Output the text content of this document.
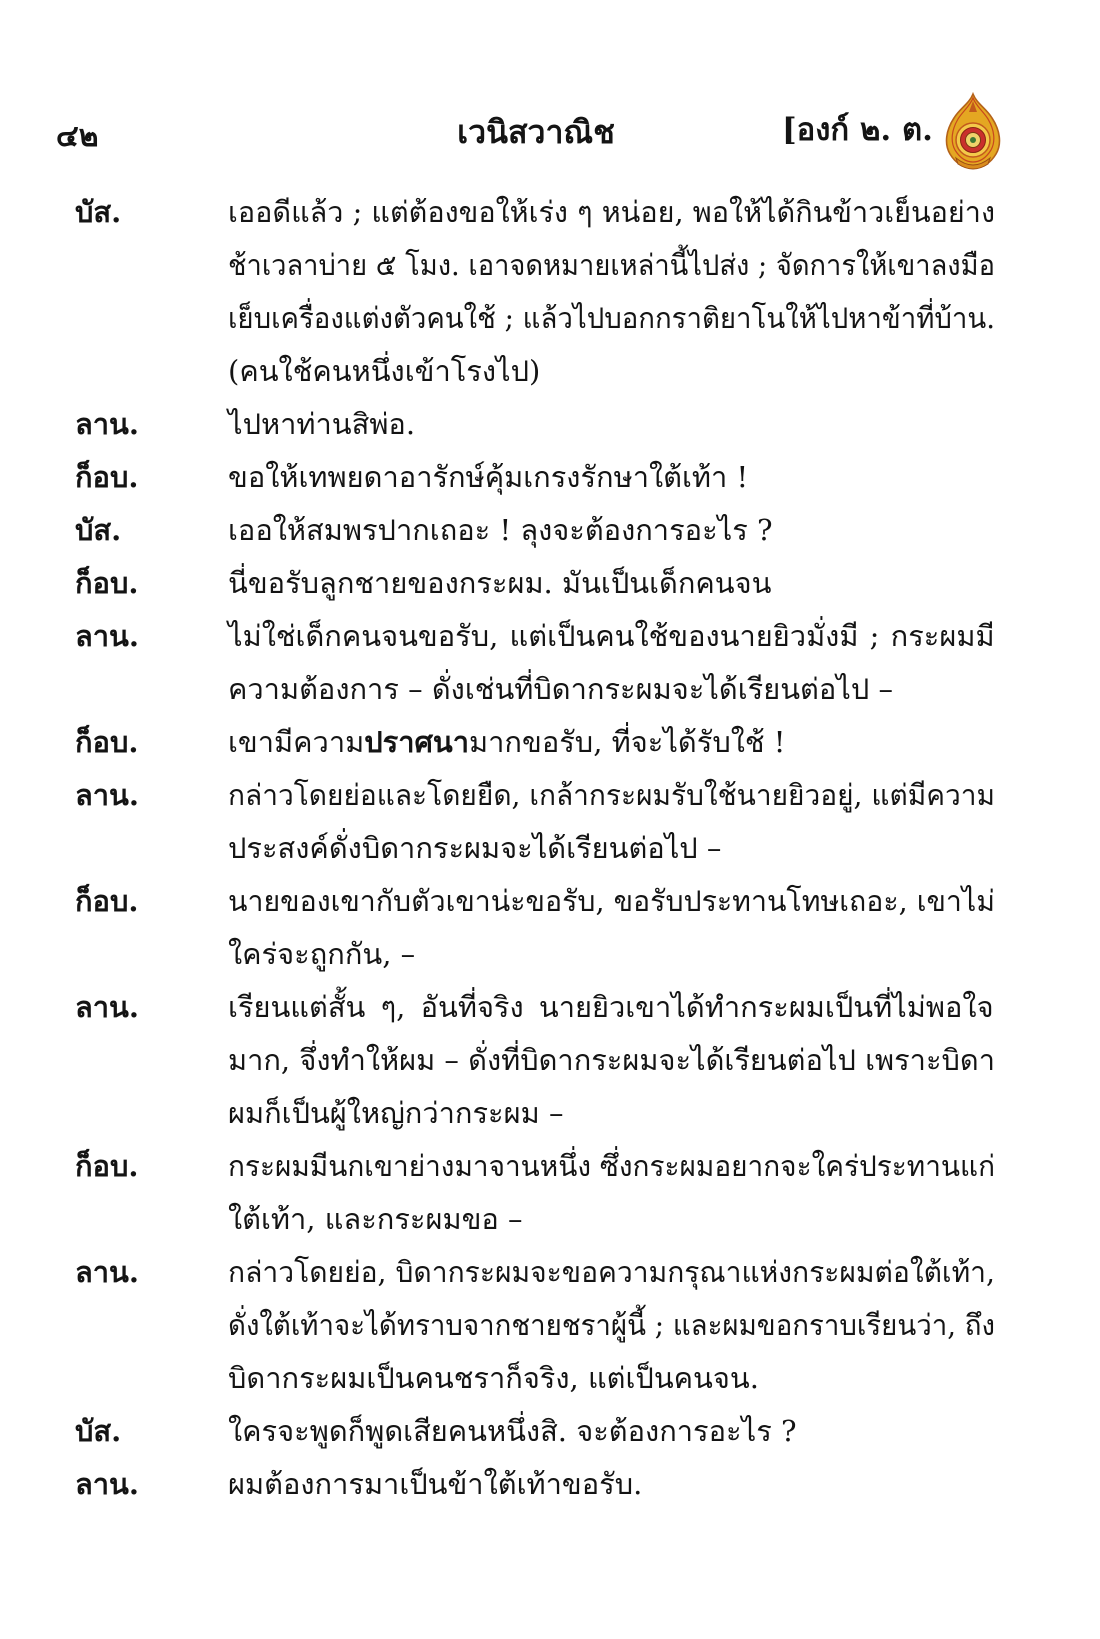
๔๒	เวนิสวาณิช	[องก์ ๒. ต.
บัส.	เออดีแล้ว ; แต่ต้องขอให้เร่ง ๆ หน่อย, พอให้ได้กินข้าวเย็นอย่าง
ช้าเวลาบ่าย ๕ โมง. เอาจดหมายเหล่านี้ไปส่ง ; จัดการให้เขาลงมือ
เย็บเครื่องแต่งตัวคนใช้ ; แล้วไปบอกกราติยาโนให้ไปหาข้าที่บ้าน.
(คนใช้คนหนึ่งเข้าโรงไป)
ลาน.	ไปหาท่านสิพ่อ.
ก็อบ.	ขอให้เทพยดาอารักษ์คุ้มเกรงรักษาใต้เท้า !
บัส.	เออให้สมพรปากเถอะ ! ลุงจะต้องการอะไร ?
ก็อบ.	นี่ขอรับลูกชายของกระผม. มันเป็นเด็กคนจน
ลาน.	ไม่ใช่เด็กคนจนขอรับ, แต่เป็นคนใช้ของนายยิวมั่งมี ; กระผมมี
ความต้องการ – ดั่งเช่นที่บิดากระผมจะได้เรียนต่อไป –
ก็อบ.	เขามีความปราศนามากขอรับ, ที่จะได้รับใช้ !
ลาน.	กล่าวโดยย่อและโดยยืด, เกล้ากระผมรับใช้นายยิวอยู่, แต่มีความ
ประสงค์ดั่งบิดากระผมจะได้เรียนต่อไป –
ก็อบ.	นายของเขากับตัวเขาน่ะขอรับ, ขอรับประทานโทษเถอะ, เขาไม่
ใคร่จะถูกกัน, –
ลาน.	เรียนแต่สั้น ๆ, อันที่จริง นายยิวเขาได้ทำกระผมเป็นที่ไม่พอใจ
มาก, จึ่งทำให้ผม – ดั่งที่บิดากระผมจะได้เรียนต่อไป เพราะบิดา
ผมก็เป็นผู้ใหญ่กว่ากระผม –
ก็อบ.	กระผมมีนกเขาย่างมาจานหนึ่ง ซึ่งกระผมอยากจะใคร่ประทานแก่
ใต้เท้า, และกระผมขอ –
ลาน.	กล่าวโดยย่อ, บิดากระผมจะขอความกรุณาแห่งกระผมต่อใต้เท้า,
ดั่งใต้เท้าจะได้ทราบจากชายชราผู้นี้ ; และผมขอกราบเรียนว่า, ถึง
บิดากระผมเป็นคนชราก็จริง, แต่เป็นคนจน.
บัส.	ใครจะพูดก็พูดเสียคนหนึ่งสิ. จะต้องการอะไร ?
ลาน.	ผมต้องการมาเป็นข้าใต้เท้าขอรับ.
